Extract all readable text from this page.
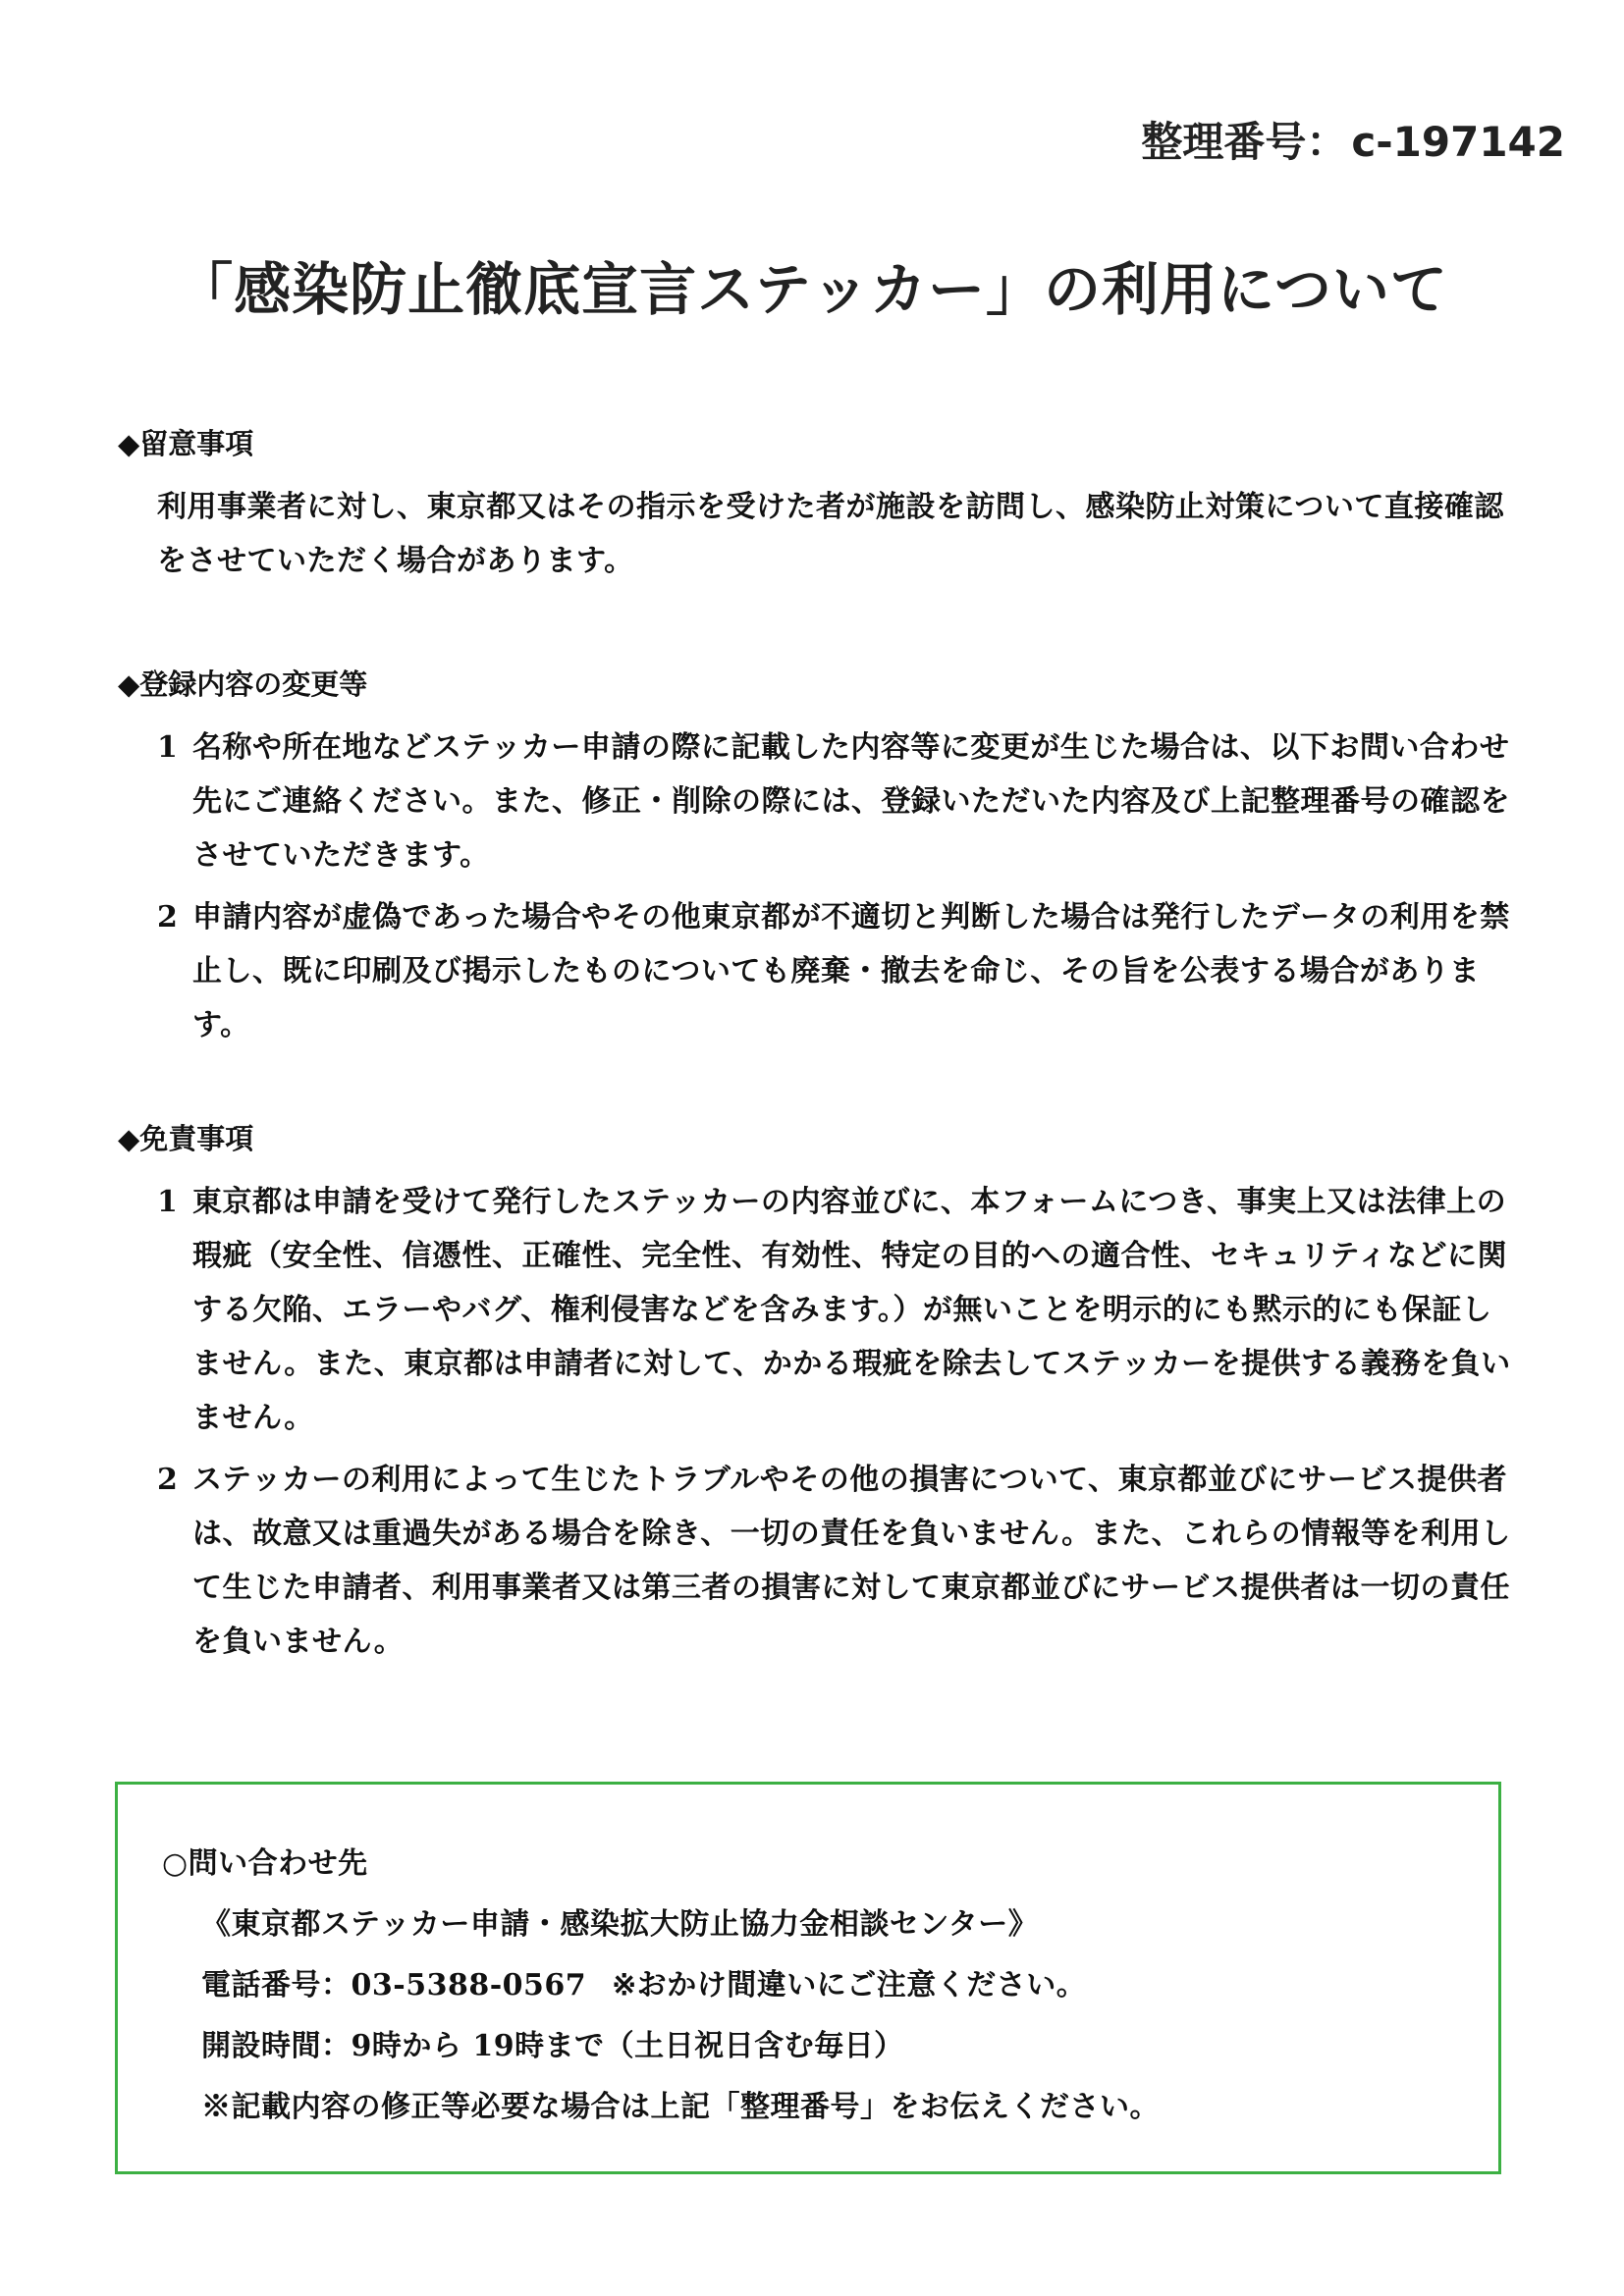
整理番号：c-197142
「感染防止徹底宣言ステッカー」の利用について
◆留意事項
利用事業者に対し、東京都又はその指示を受けた者が施設を訪問し、感染防止対策について直接確認をさせていただく場合があります。
◆登録内容の変更等
1 名称や所在地などステッカー申請の際に記載した内容等に変更が生じた場合は、以下お問い合わせ先にご連絡ください。また、修正・削除の際には、登録いただいた内容及び上記整理番号の確認をさせていただきます。
2 申請内容が虚偽であった場合やその他東京都が不適切と判断した場合は発行したデータの利用を禁止し、既に印刷及び掲示したものについても廃棄・撤去を命じ、その旨を公表する場合があります。
◆免責事項
1 東京都は申請を受けて発行したステッカーの内容並びに、本フォームにつき、事実上又は法律上の瑕疵（安全性、信憑性、正確性、完全性、有効性、特定の目的への適合性、セキュリティなどに関する欠陥、エラーやバグ、権利侵害などを含みます。）が無いことを明示的にも黙示的にも保証しません。また、東京都は申請者に対して、かかる瑕疵を除去してステッカーを提供する義務を負いません。
2 ステッカーの利用によって生じたトラブルやその他の損害について、東京都並びにサービス提供者は、故意又は重過失がある場合を除き、一切の責任を負いません。また、これらの情報等を利用して生じた申請者、利用事業者又は第三者の損害に対して東京都並びにサービス提供者は一切の責任を負いません。
○問い合わせ先
《東京都ステッカー申請・感染拡大防止協力金相談センター》
電話番号：03-5388-0567 ※おかけ間違いにご注意ください。
開設時間：9時から 19時まで（土日祝日含む毎日）
※記載内容の修正等必要な場合は上記「整理番号」をお伝えください。
